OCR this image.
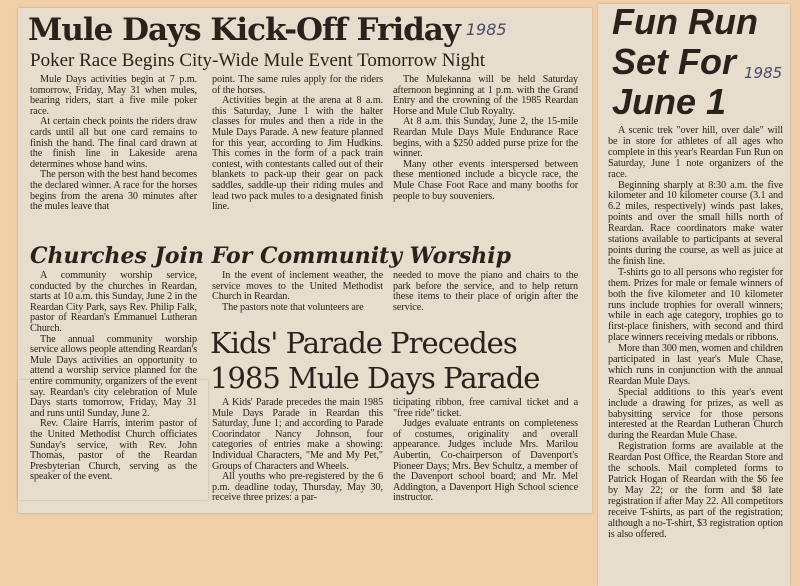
Mule Days Kick-Off Friday 1985
Poker Race Begins City-Wide Mule Event Tomorrow Night

Mule Days activities begin at 7 p.m. tomorrow, Friday, May 31 when mules, bearing riders, start a five mile poker race.

At certain check points the riders draw cards until all but one card remains to finish the hand. The final card drawn at the finish line in Lakeside arena determines whose hand wins.

The person with the best hand becomes the declared winner. A race for the horses begins from the arena 30 minutes after the mules leave that

point. The same rules apply for the riders of the horses.

Activities begin at the arena at 8 a.m. this Saturday, June 1 with the halter classes for mules and then a ride in the Mule Days Parade. A new feature planned for this year, according to Jim Hudkins. This comes in the form of a pack train contest, with contestants called out of their blankets to pack-up their gear on pack saddles, saddle-up their riding mules and lead two pack mules to a designated finish line.

The Mulekanna will be held Saturday afternoon beginning at 1 p.m. with the Grand Entry and the crowning of the 1985 Reardan Horse and Mule Club Royalty.

At 8 a.m. this Sunday, June 2, the 15-mile Reardan Mule Days Mule Endurance Race begins, with a $250 added purse prize for the winner.

Many other events interspersed between these mentioned include a bicycle race, the Mule Chase Foot Race and many booths for people to buy souveniers.

Churches Join For Community Worship

A community worship service, conducted by the churches in Reardan, starts at 10 a.m. this Sunday, June 2 in the Reardan City Park, says Rev. Philip Falk, pastor of Reardan's Emmanuel Lutheran Church.

The annual community worship service allows people attending Reardan's Mule Days activities an opportunity to attend a worship service planned for the entire community, organizers of the event say. Reardan's city celebration of Mule Days starts tomorrow, Friday, May 31 and runs until Sunday, June 2.

Rev. Claire Harris, interim pastor of the United Methodist Church officiates Sunday's service, with Rev. John Thomas, pastor of the Reardan Presbyterian Church, serving as the speaker of the event.

In the event of inclement weather, the service moves to the United Methodist Church in Reardan.

The pastors note that volunteers are

needed to move the piano and chairs to the park before the service, and to help return these items to their place of origin after the service.

Kids' Parade Precedes
1985 Mule Days Parade

A Kids' Parade precedes the main 1985 Mule Days Parade in Reardan this Saturday, June 1; and according to Parade Coorindator Nancy Johnson, four categories of entries make a showing: Individual Characters, "Me and My Pet," Groups of Characters and Wheels.

All youths who pre-registered by the 6 p.m. deadline today, Thursday, May 30, receive three prizes: a par-

ticipating ribbon, free carnival ticket and a "free ride" ticket.

Judges evaluate entrants on completeness of costumes, originality and overall appearance. Judges include Mrs. Marilou Aubertin, Co-chairperson of Davenport's Pioneer Days; Mrs. Bev Schultz, a member of the Davenport school board; and Mr. Mel Addington, a Davenport High School science instructor.

Fun Run
Set For
June 1
1985

A scenic trek "over hill, over dale" will be in store for athletes of all ages who complete in this year's Reardan Fun Run on Saturday, June 1 note organizers of the race.

Beginning sharply at 8:30 a.m. the five kilometer and 10 kilometer course (3.1 and 6.2 miles, respectively) winds past lakes, points and over the small hills north of Reardan. Race coordinators make water stations available to participants at several points during the course, as well as juice at the finish line.

T-shirts go to all persons who register for them. Prizes for male or female winners of both the five kilometer and 10 kilometer runs include trophies for overall winners; while in each age category, trophies go to first-place finishers, with second and third place winners receiving medals or ribbons.

More than 300 men, women and children participated in last year's Mule Chase, which runs in conjunction with the annual Reardan Mule Days.

Special additions to this year's event include a drawing for prizes, as well as babysitting service for those persons interested at the Reardan Lutheran Church during the Reardan Mule Chase.

Registration forms are available at the Reardan Post Office, the Reardan Store and the schools. Mail completed forms to Patrick Hogan of Reardan with the $6 fee by May 22; or the form and $8 late registration if after May 22. All competitors receive T-shirts, as part of the registration; although a no-T-shirt, $3 registration option is also offered.
